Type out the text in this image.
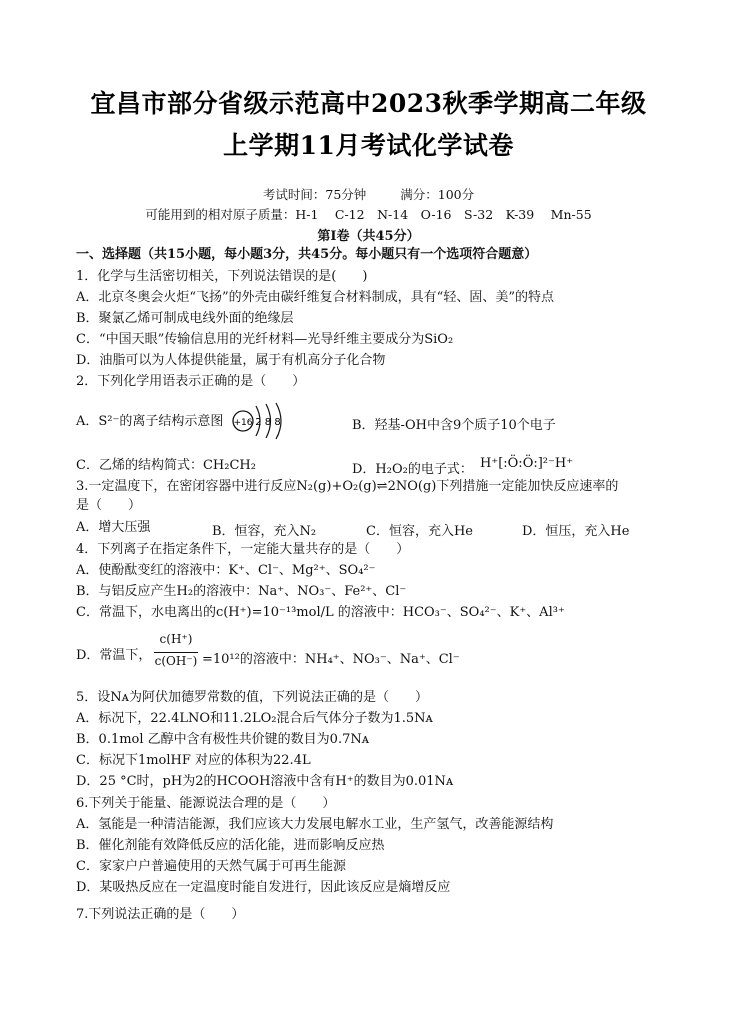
宜昌市部分省级示范高中2023秋季学期高二年级
上学期11月考试化学试卷
考试时间：75分钟	满分：100分
可能用到的相对原子质量：H-1　 C-12　N-14　O-16　S-32　K-39　 Mn-55
第Ⅰ卷（共45分）
一、选择题（共15小题，每小题3分，共45分。每小题只有一个选项符合题意）
1．化学与生活密切相关，下列说法错误的是(　　)
A．北京冬奥会火炬“飞扬”的外壳由碳纤维复合材料制成，具有“轻、固、美”的特点
B．聚氯乙烯可制成电线外面的绝缘层
C．“中国天眼”传输信息用的光纤材料—光导纤维主要成分为SiO₂
D．油脂可以为人体提供能量，属于有机高分子化合物
2．下列化学用语表示正确的是（　　）
A．S²⁻的离子结构示意图 +16 2 8 8	B．羟基-OH中含9个质子10个电子
C．乙烯的结构简式：CH₂CH₂	D．H₂O₂的电子式： H⁺[:Ö:Ö:]²⁻H⁺
3.一定温度下，在密闭容器中进行反应N₂(g)+O₂(g)⇌2NO(g)下列措施一定能加快反应速率的
是（　　）
A．增大压强	B．恒容，充入N₂	C．恒容，充入He	D．恒压，充入He
4．下列离子在指定条件下，一定能大量共存的是（　　）
A．使酚酞变红的溶液中：K⁺、Cl⁻、Mg²⁺、SO₄²⁻
B．与铝反应产生H₂的溶液中：Na⁺、NO₃⁻、Fe²⁺、Cl⁻
C．常温下，水电离出的c(H⁺)=10⁻¹³mol/L 的溶液中：HCO₃⁻、SO₄²⁻、K⁺、Al³⁺
D．常温下，
c(H⁺)
c(OH⁻) =10¹²的溶液中：NH₄⁺、NO₃⁻、Na⁺、Cl⁻
5．设Nᴀ为阿伏加德罗常数的值，下列说法正确的是（　　）
A．标况下，22.4LNO和11.2LO₂混合后气体分子数为1.5Nᴀ
B．0.1mol 乙醇中含有极性共价键的数目为0.7Nᴀ
C．标况下1molHF 对应的体积为22.4L
D．25 °C时，pH为2的HCOOH溶液中含有H⁺的数目为0.01Nᴀ
6.下列关于能量、能源说法合理的是（　　）
A．氢能是一种清洁能源，我们应该大力发展电解水工业，生产氢气，改善能源结构
B．催化剂能有效降低反应的活化能，进而影响反应热
C．家家户户普遍使用的天然气属于可再生能源
D．某吸热反应在一定温度时能自发进行，因此该反应是熵增反应
7.下列说法正确的是（　　）
